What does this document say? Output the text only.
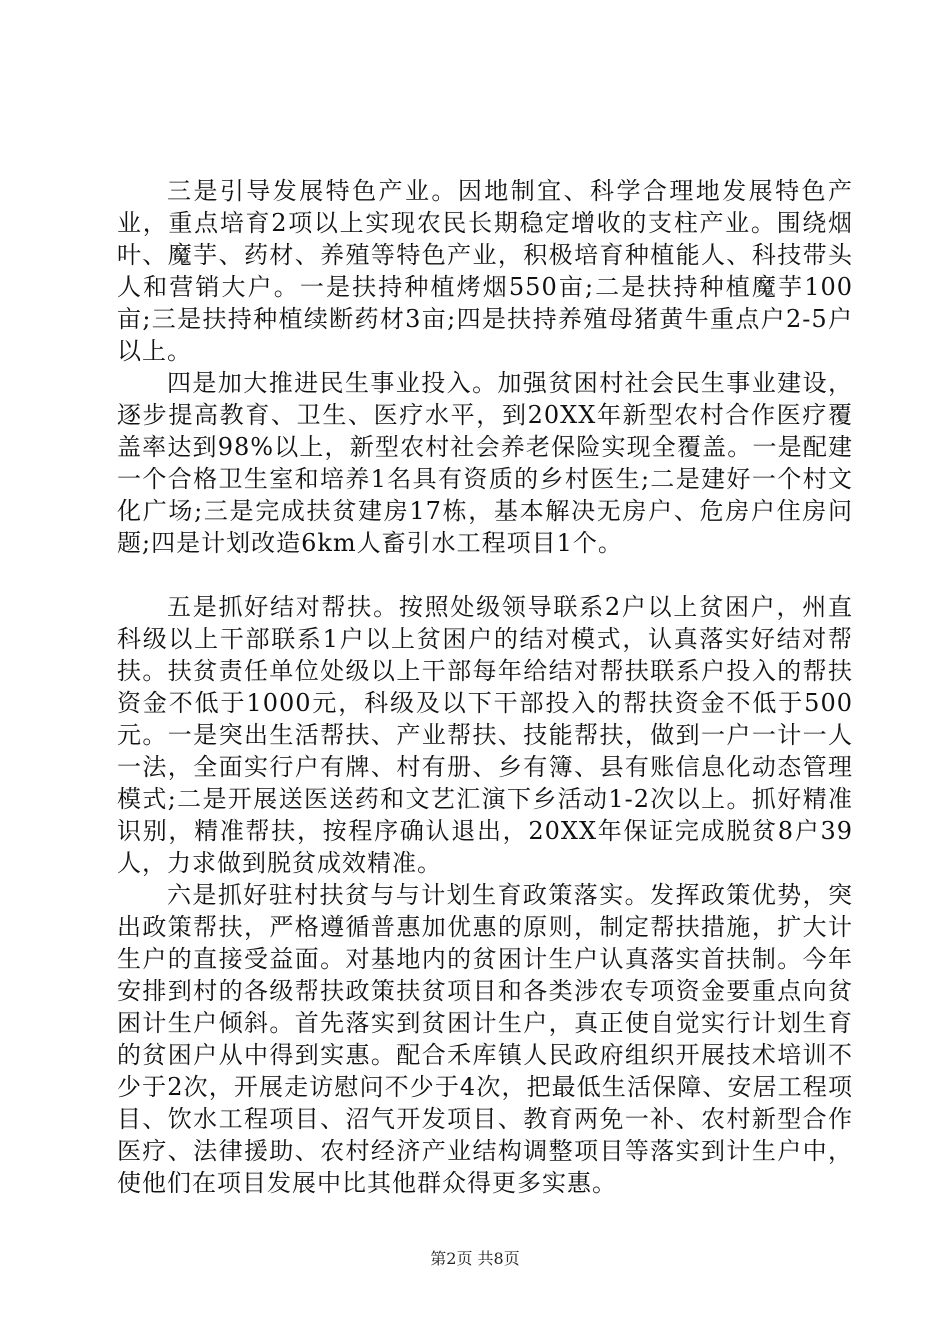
三是引导发展特色产业。因地制宜、科学合理地发展特色产业，重点培育2项以上实现农民长期稳定增收的支柱产业。围绕烟叶、魔芋、药材、养殖等特色产业，积极培育种植能人、科技带头人和营销大户。一是扶持种植烤烟550亩;二是扶持种植魔芋100亩;三是扶持种植续断药材3亩;四是扶持养殖母猪黄牛重点户2-5户以上。

四是加大推进民生事业投入。加强贫困村社会民生事业建设，逐步提高教育、卫生、医疗水平，到20XX年新型农村合作医疗覆盖率达到98%以上，新型农村社会养老保险实现全覆盖。一是配建一个合格卫生室和培养1名具有资质的乡村医生;二是建好一个村文化广场;三是完成扶贫建房17栋，基本解决无房户、危房户住房问题;四是计划改造6km人畜引水工程项目1个。

五是抓好结对帮扶。按照处级领导联系2户以上贫困户，州直科级以上干部联系1户以上贫困户的结对模式，认真落实好结对帮扶。扶贫责任单位处级以上干部每年给结对帮扶联系户投入的帮扶资金不低于1000元，科级及以下干部投入的帮扶资金不低于500元。一是突出生活帮扶、产业帮扶、技能帮扶，做到一户一计一人一法，全面实行户有牌、村有册、乡有簿、县有账信息化动态管理模式;二是开展送医送药和文艺汇演下乡活动1-2次以上。抓好精准识别，精准帮扶，按程序确认退出，20XX年保证完成脱贫8户39人，力求做到脱贫成效精准。

六是抓好驻村扶贫与与计划生育政策落实。发挥政策优势，突出政策帮扶，严格遵循普惠加优惠的原则，制定帮扶措施，扩大计生户的直接受益面。对基地内的贫困计生户认真落实首扶制。今年安排到村的各级帮扶政策扶贫项目和各类涉农专项资金要重点向贫困计生户倾斜。首先落实到贫困计生户，真正使自觉实行计划生育的贫困户从中得到实惠。配合禾库镇人民政府组织开展技术培训不少于2次，开展走访慰问不少于4次，把最低生活保障、安居工程项目、饮水工程项目、沼气开发项目、教育两免一补、农村新型合作医疗、法律援助、农村经济产业结构调整项目等落实到计生户中，使他们在项目发展中比其他群众得更多实惠。

第2页 共8页
